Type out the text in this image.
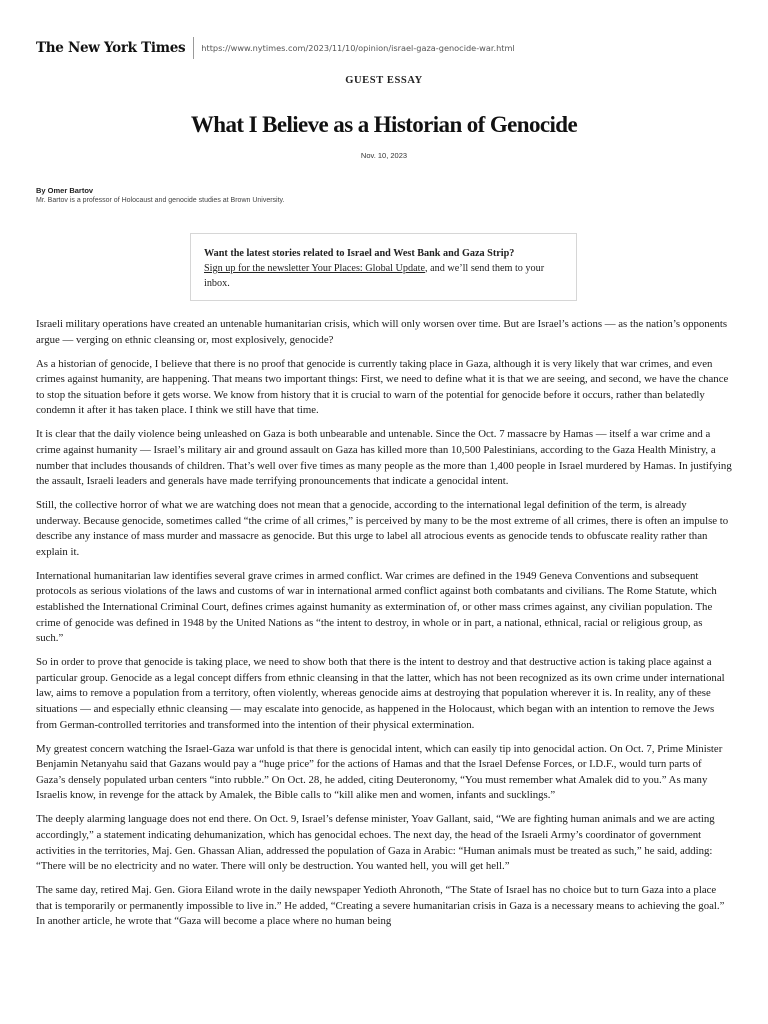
The New York Times https://www.nytimes.com/2023/11/10/opinion/israel-gaza-genocide-war.html
GUEST ESSAY
What I Believe as a Historian of Genocide
Nov. 10, 2023
By Omer Bartov
Mr. Bartov is a professor of Holocaust and genocide studies at Brown University.
Want the latest stories related to Israel and West Bank and Gaza Strip?
Sign up for the newsletter Your Places: Global Update, and we’ll send them to your inbox.

Israeli military operations have created an untenable humanitarian crisis, which will only worsen over time. But are Israel’s actions — as the nation’s opponents argue — verging on ethnic cleansing or, most explosively, genocide?

As a historian of genocide, I believe that there is no proof that genocide is currently taking place in Gaza, although it is very likely that war crimes, and even crimes against humanity, are happening. That means two important things: First, we need to define what it is that we are seeing, and second, we have the chance to stop the situation before it gets worse. We know from history that it is crucial to warn of the potential for genocide before it occurs, rather than belatedly condemn it after it has taken place. I think we still have that time.

It is clear that the daily violence being unleashed on Gaza is both unbearable and untenable. Since the Oct. 7 massacre by Hamas — itself a war crime and a crime against humanity — Israel’s military air and ground assault on Gaza has killed more than 10,500 Palestinians, according to the Gaza Health Ministry, a number that includes thousands of children. That’s well over five times as many people as the more than 1,400 people in Israel murdered by Hamas. In justifying the assault, Israeli leaders and generals have made terrifying pronouncements that indicate a genocidal intent.

Still, the collective horror of what we are watching does not mean that a genocide, according to the international legal definition of the term, is already underway. Because genocide, sometimes called “the crime of all crimes,” is perceived by many to be the most extreme of all crimes, there is often an impulse to describe any instance of mass murder and massacre as genocide. But this urge to label all atrocious events as genocide tends to obfuscate reality rather than explain it.

International humanitarian law identifies several grave crimes in armed conflict. War crimes are defined in the 1949 Geneva Conventions and subsequent protocols as serious violations of the laws and customs of war in international armed conflict against both combatants and civilians. The Rome Statute, which established the International Criminal Court, defines crimes against humanity as extermination of, or other mass crimes against, any civilian population. The crime of genocide was defined in 1948 by the United Nations as “the intent to destroy, in whole or in part, a national, ethnical, racial or religious group, as such.”

So in order to prove that genocide is taking place, we need to show both that there is the intent to destroy and that destructive action is taking place against a particular group. Genocide as a legal concept differs from ethnic cleansing in that the latter, which has not been recognized as its own crime under international law, aims to remove a population from a territory, often violently, whereas genocide aims at destroying that population wherever it is. In reality, any of these situations — and especially ethnic cleansing — may escalate into genocide, as happened in the Holocaust, which began with an intention to remove the Jews from German-controlled territories and transformed into the intention of their physical extermination.

My greatest concern watching the Israel-Gaza war unfold is that there is genocidal intent, which can easily tip into genocidal action. On Oct. 7, Prime Minister Benjamin Netanyahu said that Gazans would pay a “huge price” for the actions of Hamas and that the Israel Defense Forces, or I.D.F., would turn parts of Gaza’s densely populated urban centers “into rubble.” On Oct. 28, he added, citing Deuteronomy, “You must remember what Amalek did to you.” As many Israelis know, in revenge for the attack by Amalek, the Bible calls to “kill alike men and women, infants and sucklings.”

The deeply alarming language does not end there. On Oct. 9, Israel’s defense minister, Yoav Gallant, said, “We are fighting human animals and we are acting accordingly,” a statement indicating dehumanization, which has genocidal echoes. The next day, the head of the Israeli Army’s coordinator of government activities in the territories, Maj. Gen. Ghassan Alian, addressed the population of Gaza in Arabic: “Human animals must be treated as such,” he said, adding: “There will be no electricity and no water. There will only be destruction. You wanted hell, you will get hell.”

The same day, retired Maj. Gen. Giora Eiland wrote in the daily newspaper Yedioth Ahronoth, “The State of Israel has no choice but to turn Gaza into a place that is temporarily or permanently impossible to live in.” He added, “Creating a severe humanitarian crisis in Gaza is a necessary means to achieving the goal.” In another article, he wrote that “Gaza will become a place where no human being
